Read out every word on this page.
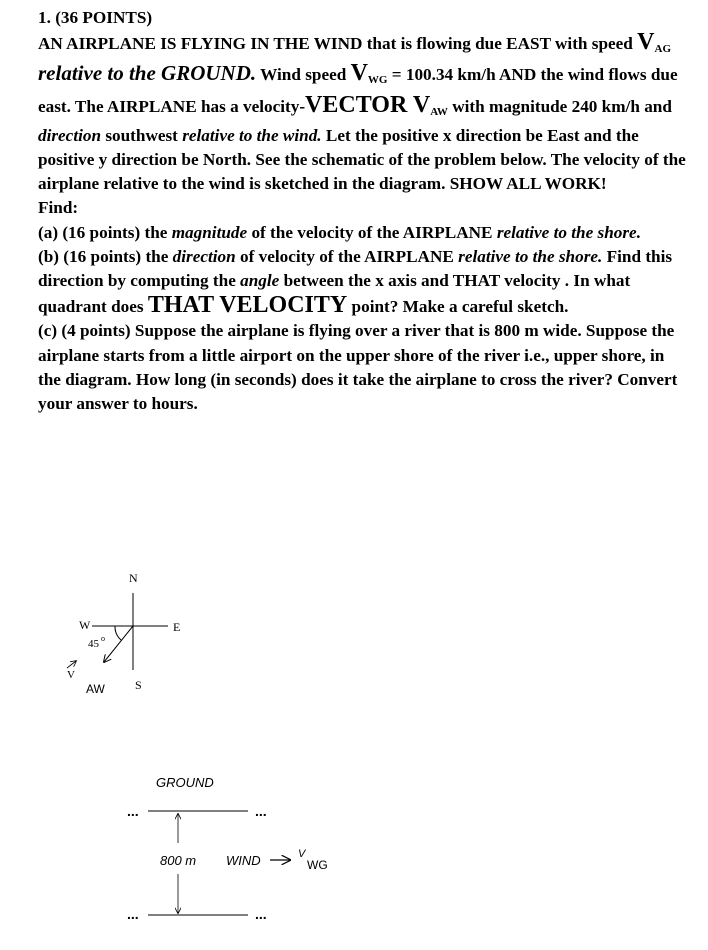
1. (36 POINTS)

AN AIRPLANE IS FLYING IN THE WIND that is flowing due EAST with speed $V_{AG}$ relative to the GROUND. Wind speed $V_{WG} = 100.34$ km/h AND the wind flows due east. The AIRPLANE has a velocity-VECTOR $V_{AW}$ with magnitude 240 km/h and direction southwest relative to the wind. Let the positive x direction be East and the positive y direction be North. See the schematic of the problem below. The velocity of the airplane relative to the wind is sketched in the diagram. SHOW ALL WORK!

Find:

(a) (16 points) the magnitude of the velocity of the AIRPLANE relative to the shore.

(b) (16 points) the direction of velocity of the AIRPLANE relative to the shore. Find this direction by computing the angle between the x axis and THAT velocity . In what quadrant does THAT VELOCITY point? Make a careful sketch.

(c) (4 points) Suppose the airplane is flying over a river that is 800 m wide. Suppose the airplane starts from a little airport on the upper shore of the river i.e., upper shore, in the diagram. How long (in seconds) does it take the airplane to cross the river? Convert your answer to hours.

N
E
S
W
45 o
V
AW
GROUND
...	...
800 m WIND	V
WG
...	...
